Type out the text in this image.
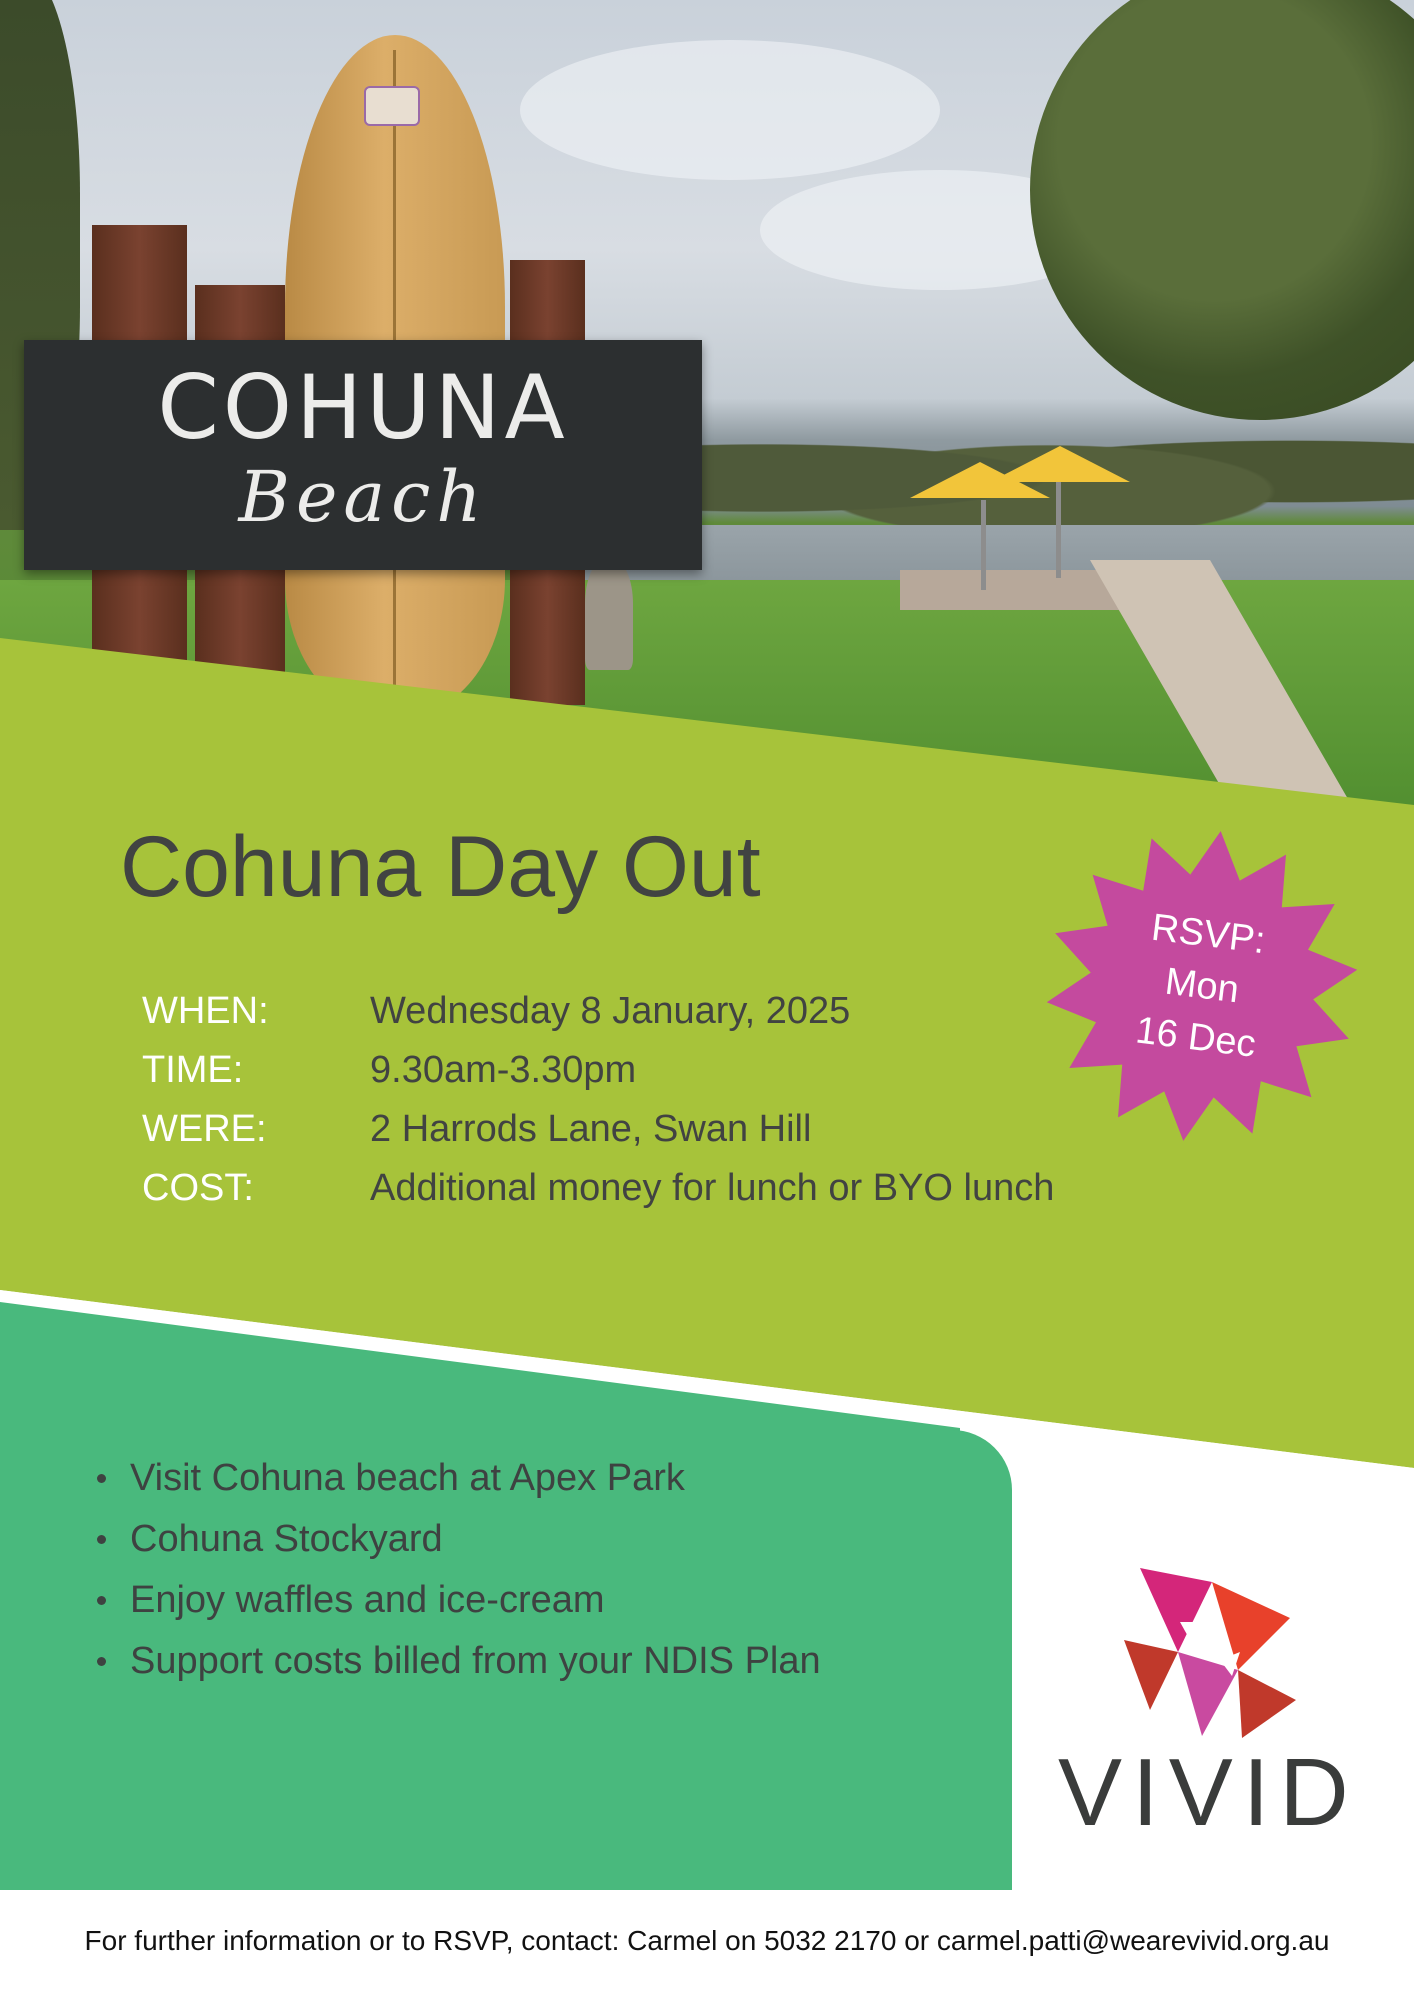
COHUNA
Beach
Cohuna Day Out
WHEN:	Wednesday 8 January, 2025
TIME:	9.30am-3.30pm
WERE:	2 Harrods Lane, Swan Hill
COST:	Additional money for lunch or BYO lunch
RSVP:
Mon
16 Dec
Visit Cohuna beach at Apex Park
Cohuna Stockyard
Enjoy waffles and ice-cream
Support costs billed from your NDIS Plan
VIVID
For further information or to RSVP, contact: Carmel on 5032 2170 or carmel.patti@wearevivid.org.au
